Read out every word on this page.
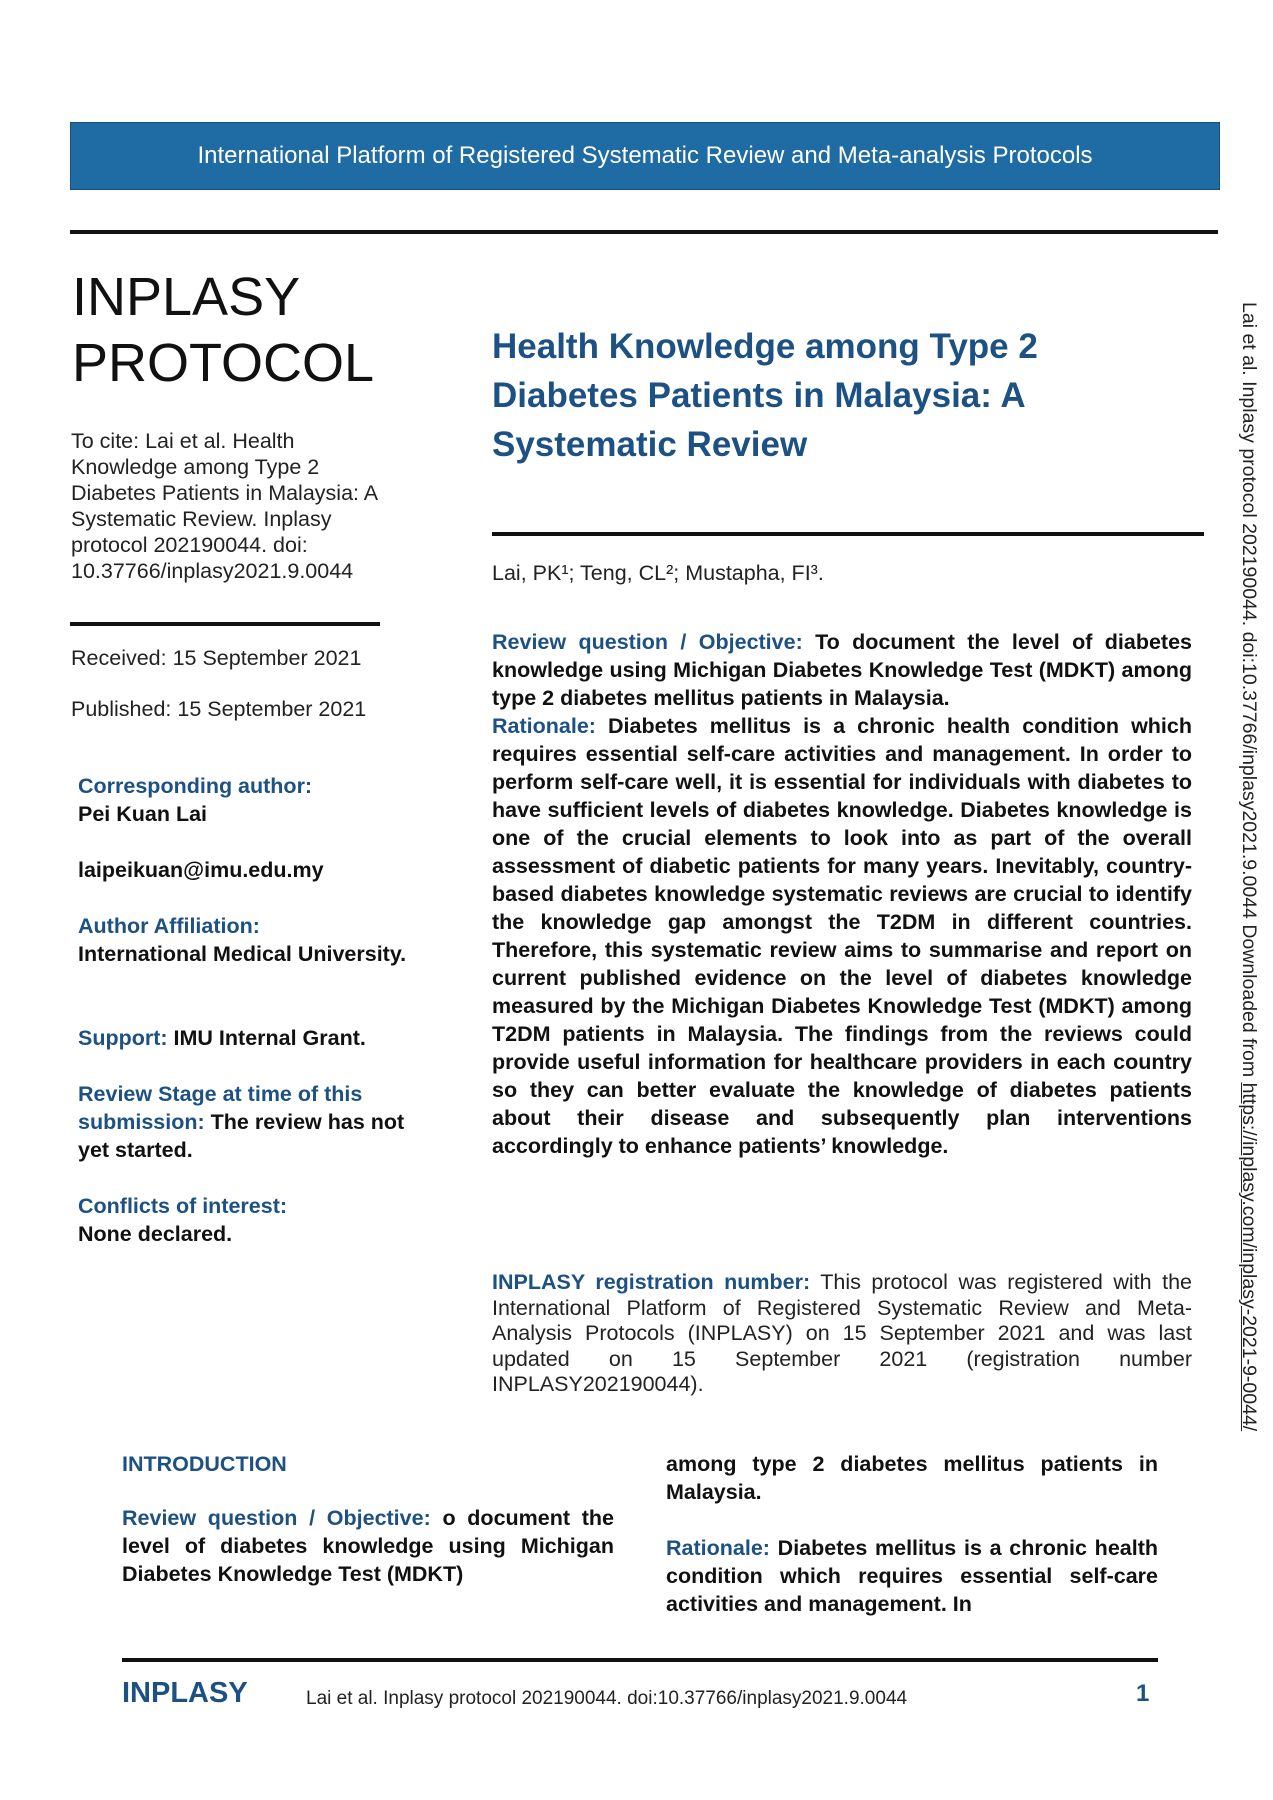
International Platform of Registered Systematic Review and Meta-analysis Protocols
INPLASY
PROTOCOL
To cite: Lai et al. Health Knowledge among Type 2 Diabetes Patients in Malaysia: A Systematic Review. Inplasy protocol 202190044. doi: 10.37766/inplasy2021.9.0044
Received: 15 September 2021
Published: 15 September 2021
Corresponding author:
Pei Kuan Lai
laipeikuan@imu.edu.my
Author Affiliation:
International Medical University.
Support: IMU Internal Grant.
Review Stage at time of this submission: The review has not yet started.
Conflicts of interest:
None declared.
Health Knowledge among Type 2 Diabetes Patients in Malaysia: A Systematic Review
Lai, PK¹; Teng, CL²; Mustapha, FI³.

Review question / Objective: To document the level of diabetes knowledge using Michigan Diabetes Knowledge Test (MDKT) among type 2 diabetes mellitus patients in Malaysia.

Rationale: Diabetes mellitus is a chronic health condition which requires essential self-care activities and management. In order to perform self-care well, it is essential for individuals with diabetes to have sufficient levels of diabetes knowledge. Diabetes knowledge is one of the crucial elements to look into as part of the overall assessment of diabetic patients for many years. Inevitably, country-based diabetes knowledge systematic reviews are crucial to identify the knowledge gap amongst the T2DM in different countries. Therefore, this systematic review aims to summarise and report on current published evidence on the level of diabetes knowledge measured by the Michigan Diabetes Knowledge Test (MDKT) among T2DM patients in Malaysia. The findings from the reviews could provide useful information for healthcare providers in each country so they can better evaluate the knowledge of diabetes patients about their disease and subsequently plan interventions accordingly to enhance patients’ knowledge.

INPLASY registration number: This protocol was registered with the International Platform of Registered Systematic Review and Meta-Analysis Protocols (INPLASY) on 15 September 2021 and was last updated on 15 September 2021 (registration number INPLASY202190044).
INTRODUCTION

Review question / Objective: o document the level of diabetes knowledge using Michigan Diabetes Knowledge Test (MDKT)

among type 2 diabetes mellitus patients in Malaysia.

Rationale: Diabetes mellitus is a chronic health condition which requires essential self-care activities and management. In

INPLASY	Lai et al. Inplasy protocol 202190044. doi:10.37766/inplasy2021.9.0044	1
Lai et al. Inplasy protocol 202190044. doi:10.37766/inplasy2021.9.0044 Downloaded from https://inplasy.com/inplasy-2021-9-0044/
